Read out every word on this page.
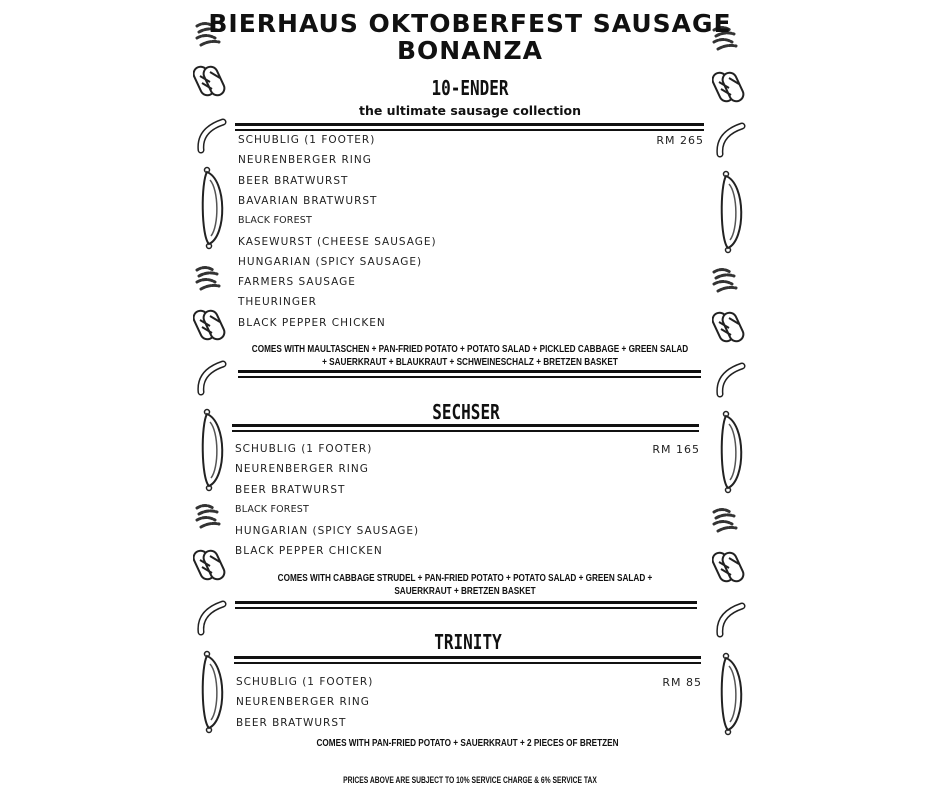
BIERHAUS OKTOBERFEST SAUSAGE BONANZA
10-ENDER
the ultimate sausage collection
RM 265
SCHUBLIG (1 FOOTER)
NEURENBERGER RING
BEER BRATWURST
BAVARIAN BRATWURST
BLACK FOREST
KASEWURST (CHEESE SAUSAGE)
HUNGARIAN (SPICY SAUSAGE)
FARMERS SAUSAGE
THEURINGER
BLACK PEPPER CHICKEN
COMES WITH MAULTASCHEN + PAN-FRIED POTATO + POTATO SALAD + PICKLED CABBAGE + GREEN SALAD + SAUERKRAUT + BLAUKRAUT + SCHWEINESCHALZ + BRETZEN BASKET
SECHSER
RM 165
SCHUBLIG (1 FOOTER)
NEURENBERGER RING
BEER BRATWURST
BLACK FOREST
HUNGARIAN (SPICY SAUSAGE)
BLACK PEPPER CHICKEN
COMES WITH CABBAGE STRUDEL + PAN-FRIED POTATO + POTATO SALAD + GREEN SALAD + SAUERKRAUT + BRETZEN BASKET
TRINITY
RM 85
SCHUBLIG (1 FOOTER)
NEURENBERGER RING
BEER BRATWURST
COMES WITH PAN-FRIED POTATO + SAUERKRAUT + 2 PIECES OF BRETZEN
PRICES ABOVE ARE SUBJECT TO 10% SERVICE CHARGE & 6% SERVICE TAX
